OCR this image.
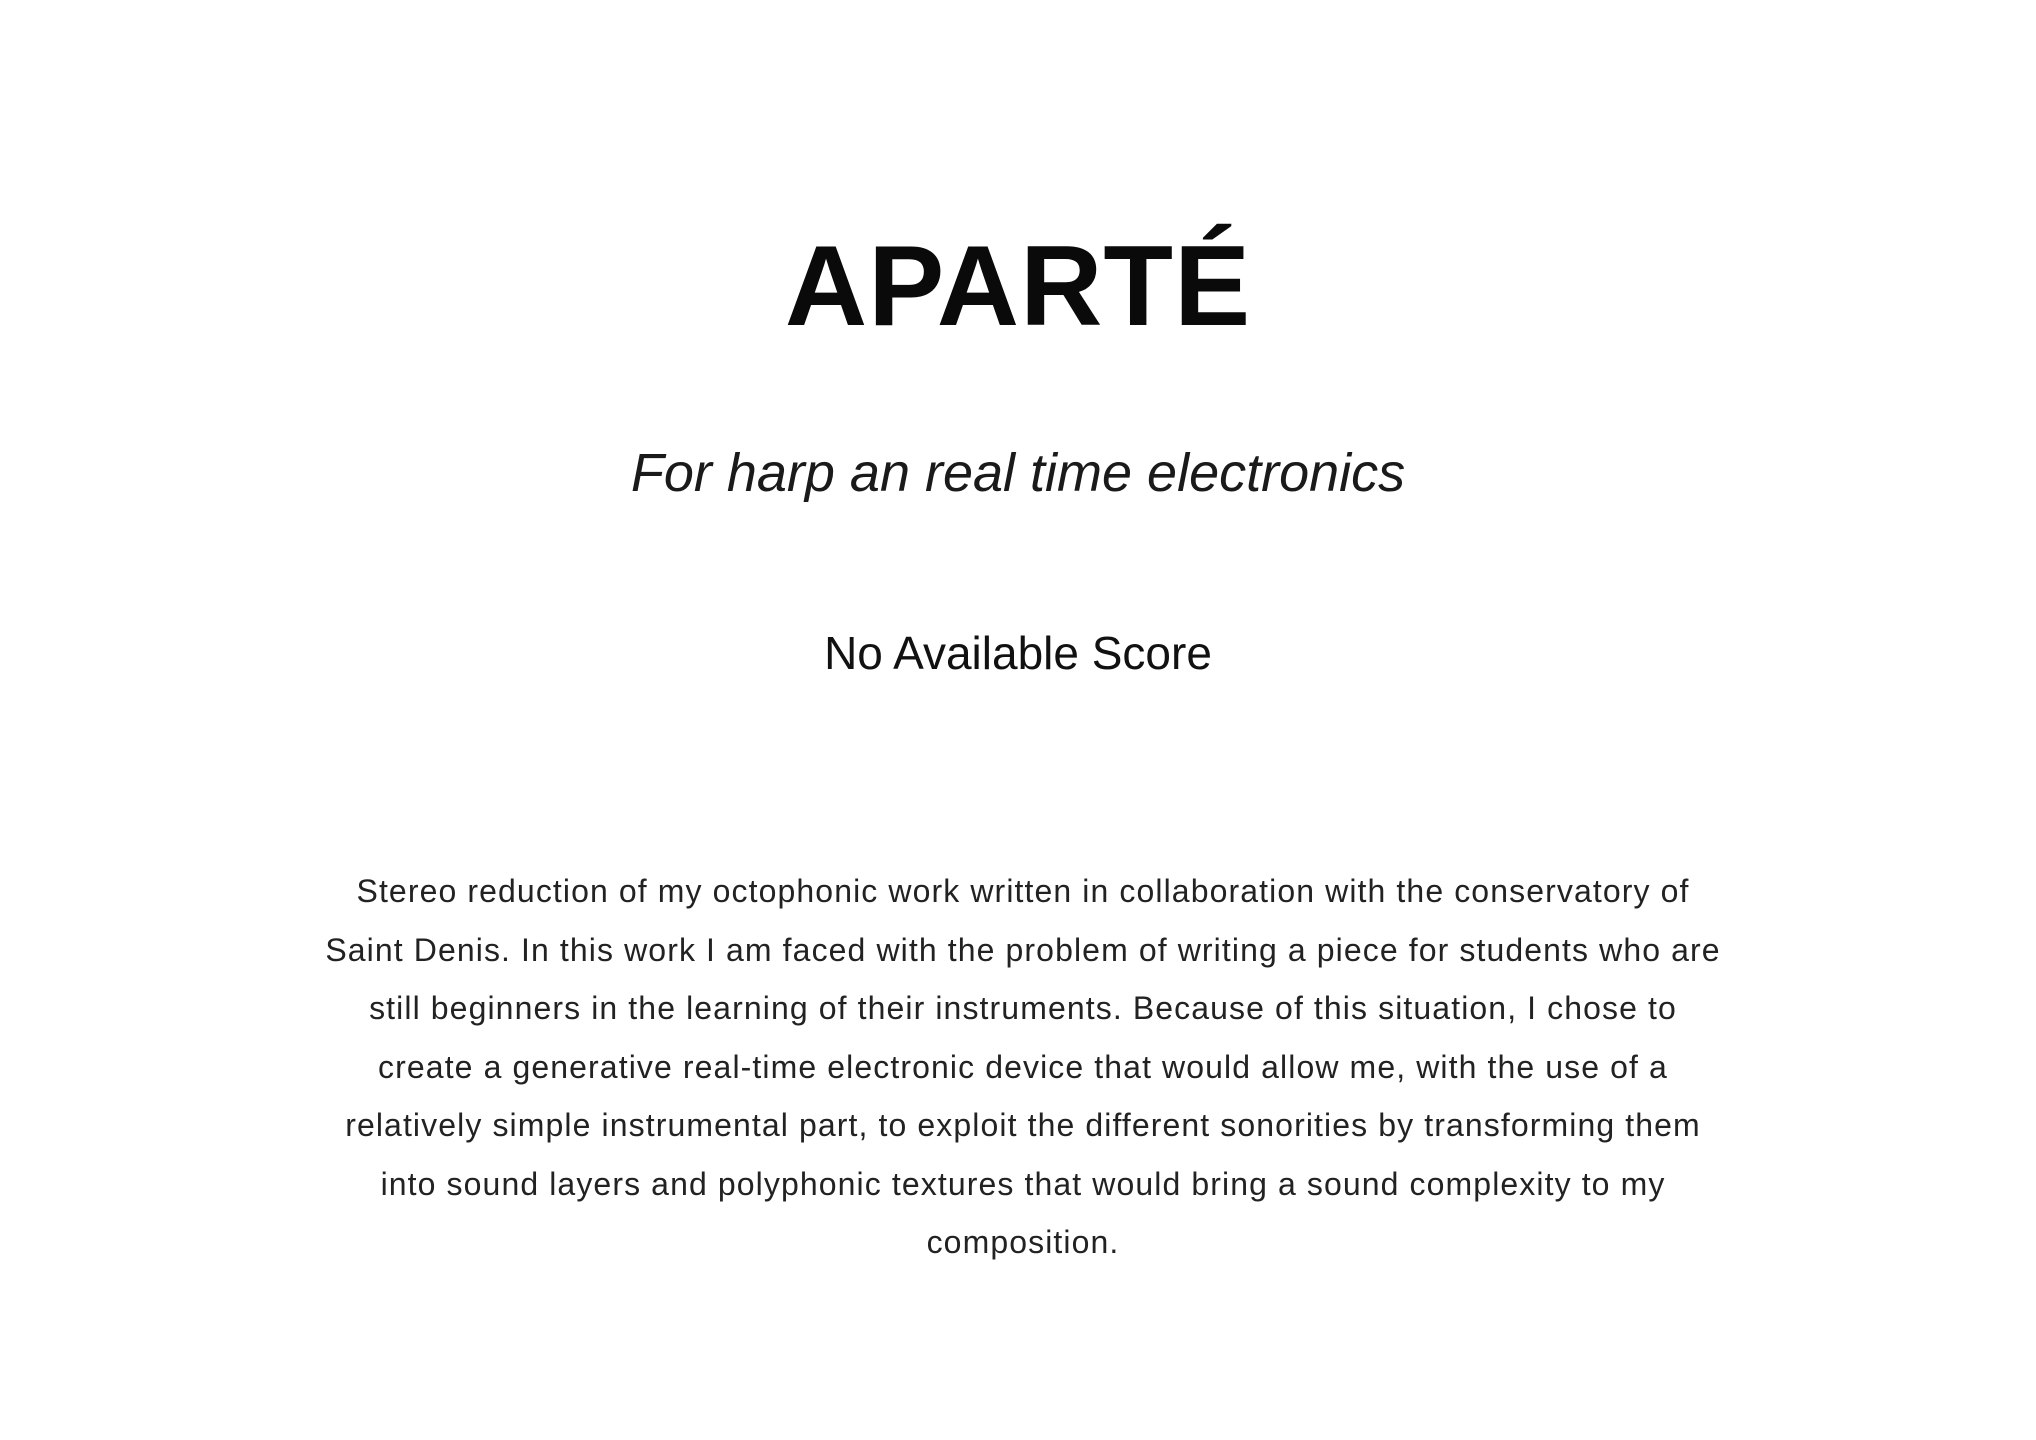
APARTÉ

For harp an real time electronics

No Available Score

Stereo reduction of my octophonic work written in collaboration with the conservatory of Saint Denis. In this work I am faced with the problem of writing a piece for students who are still beginners in the learning of their instruments. Because of this situation, I chose to create a generative real-time electronic device that would allow me, with the use of a relatively simple instrumental part, to exploit the different sonorities by transforming them into sound layers and polyphonic textures that would bring a sound complexity to my composition.
